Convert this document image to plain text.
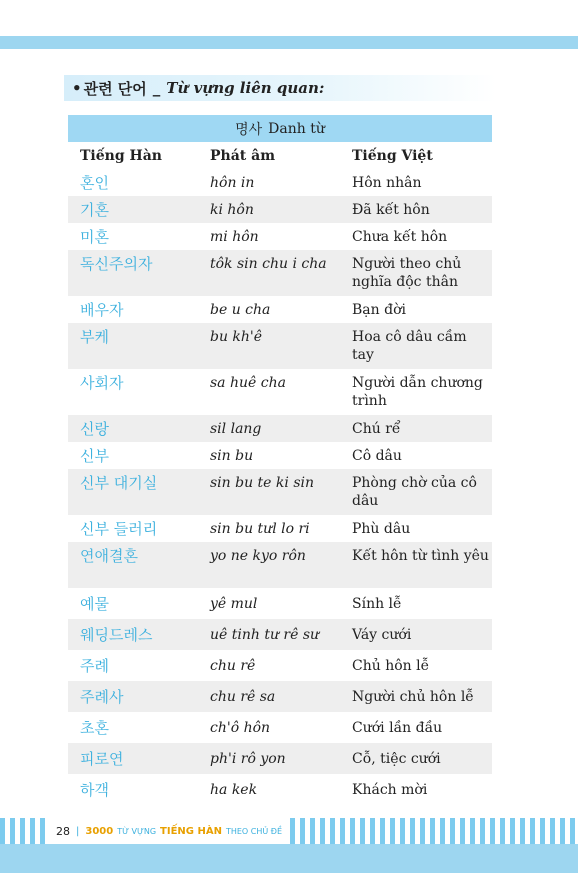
• 관련 단어 _ Từ vựng liên quan:
명사 Danh từ
Tiếng Hàn	Phát âm	Tiếng Việt
혼인	hôn in	Hôn nhân
기혼	ki hôn	Đã kết hôn
미혼	mi hôn	Chưa kết hôn
독신주의자	tôk sin chu i cha	Người theo chủ nghĩa độc thân
배우자	be u cha	Bạn đời
부케	bu kh'ê	Hoa cô dâu cầm tay
사회자	sa huê cha	Người dẫn chương trình
신랑	sil lang	Chú rể
신부	sin bu	Cô dâu
신부 대기실	sin bu te ki sin	Phòng chờ của cô dâu
신부 들러리	sin bu tưl lo ri	Phù dâu
연애결혼	yo ne kyo rôn	Kết hôn từ tình yêu
예물	yê mul	Sính lễ
웨딩드레스	uê tinh tư rê sư	Váy cưới
주례	chu rê	Chủ hôn lễ
주례사	chu rê sa	Người chủ hôn lễ
초혼	ch'ô hôn	Cưới lần đầu
피로연	ph'i rô yon	Cỗ, tiệc cưới
하객	ha kek	Khách mời
28 | 3000 TỪ VỰNG TIẾNG HÀN THEO CHỦ ĐỀ
